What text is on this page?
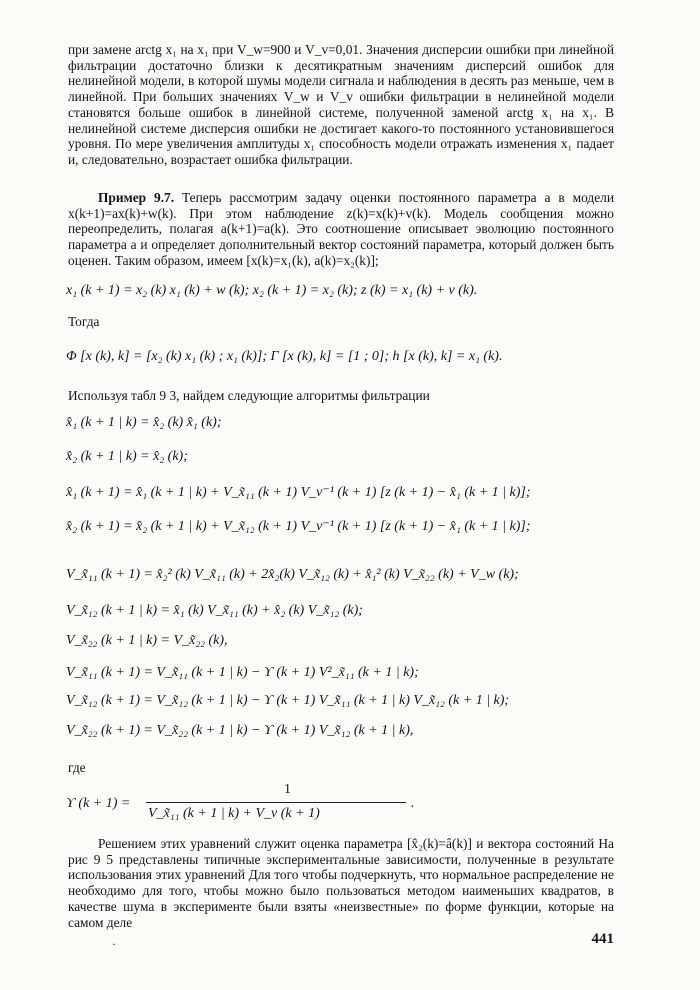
при замене arctg x₁ на x₁ при V_w=900 и V_v=0,01. Значения дисперсии ошибки при линейной фильтрации достаточно близки к десятикратным значениям дисперсий ошибок для нелинейной модели, в которой шумы модели сигнала и наблюдения в десять раз меньше, чем в линейной. При больших значениях V_w и V_v ошибки фильтрации в нелинейной модели становятся больше ошибок в линейной системе, полученной заменой arctg x₁ на x₁. В нелинейной системе дисперсия ошибки не достигает какого-то постоянного установившегося уровня. По мере увеличения амплитуды x₁ способность модели отражать изменения x₁ падает и, следовательно, возрастает ошибка фильтрации.

Пример 9.7. Теперь рассмотрим задачу оценки постоянного параметра a в модели x(k+1)=ax(k)+w(k). При этом наблюдение z(k)=x(k)+v(k). Модель сообщения можно переопределить, полагая a(k+1)=a(k). Это соотношение описывает эволюцию постоянного параметра a и определяет дополнительный вектор состояний параметра, который должен быть оценен. Таким образом, имеем [x(k)=x₁(k), a(k)=x₂(k)];

x₁ (k + 1) = x₂ (k) x₁ (k) + w (k); x₂ (k + 1) = x₂ (k); z (k) = x₁ (k) + v (k).
Тогда
Φ [x (k), k] = [x₂ (k) x₁ (k) ; x₁ (k)]; Γ [x (k), k] = [1 ; 0]; h [x (k), k] = x₁ (k).
Используя табл 9 3, найдем следующие алгоритмы фильтрации
x̂₁ (k + 1 | k) = x̂₂ (k) x̂₁ (k);
x̂₂ (k + 1 | k) = x̂₂ (k);
x̂₁ (k + 1) = x̂₁ (k + 1 | k) + V_x̃₁₁ (k + 1) V_v⁻¹ (k + 1) [z (k + 1) − x̂₁ (k + 1 | k)];
x̂₂ (k + 1) = x̂₂ (k + 1 | k) + V_x̃₁₂ (k + 1) V_v⁻¹ (k + 1) [z (k + 1) − x̂₁ (k + 1 | k)];
V_x̃₁₁ (k + 1) = x̂₂² (k) V_x̃₁₁ (k) + 2x̂₂(k) V_x̃₁₂ (k) + x̂₁² (k) V_x̃₂₂ (k) + V_w (k);
V_x̃₁₂ (k + 1 | k) = x̂₁ (k) V_x̃₁₁ (k) + x̂₂ (k) V_x̃₁₂ (k);
V_x̃₂₂ (k + 1 | k) = V_x̃₂₂ (k),
V_x̃₁₁ (k + 1) = V_x̃₁₁ (k + 1 | k) − ϒ (k + 1) V²_x̃₁₁ (k + 1 | k);
V_x̃₁₂ (k + 1) = V_x̃₁₂ (k + 1 | k) − ϒ (k + 1) V_x̃₁₁ (k + 1 | k) V_x̃₁₂ (k + 1 | k);
V_x̃₂₂ (k + 1) = V_x̃₂₂ (k + 1 | k) − ϒ (k + 1) V_x̃₁₂ (k + 1 | k),
где
ϒ (k + 1) =
1
V_x̃₁₁ (k + 1 | k) + V_v (k + 1)
.

Решением этих уравнений служит оценка параметра [x̂₂(k)=â(k)] и вектора состояний На рис 9 5 представлены типичные экспериментальные зависимости, полученные в результате использования этих уравнений Для того чтобы подчеркнуть, что нормальное распределение не необходимо для того, чтобы можно было пользоваться методом наименьших квадратов, в качестве шума в эксперименте были взяты «неизвестные» по форме функции, которые на самом деле

·	441
